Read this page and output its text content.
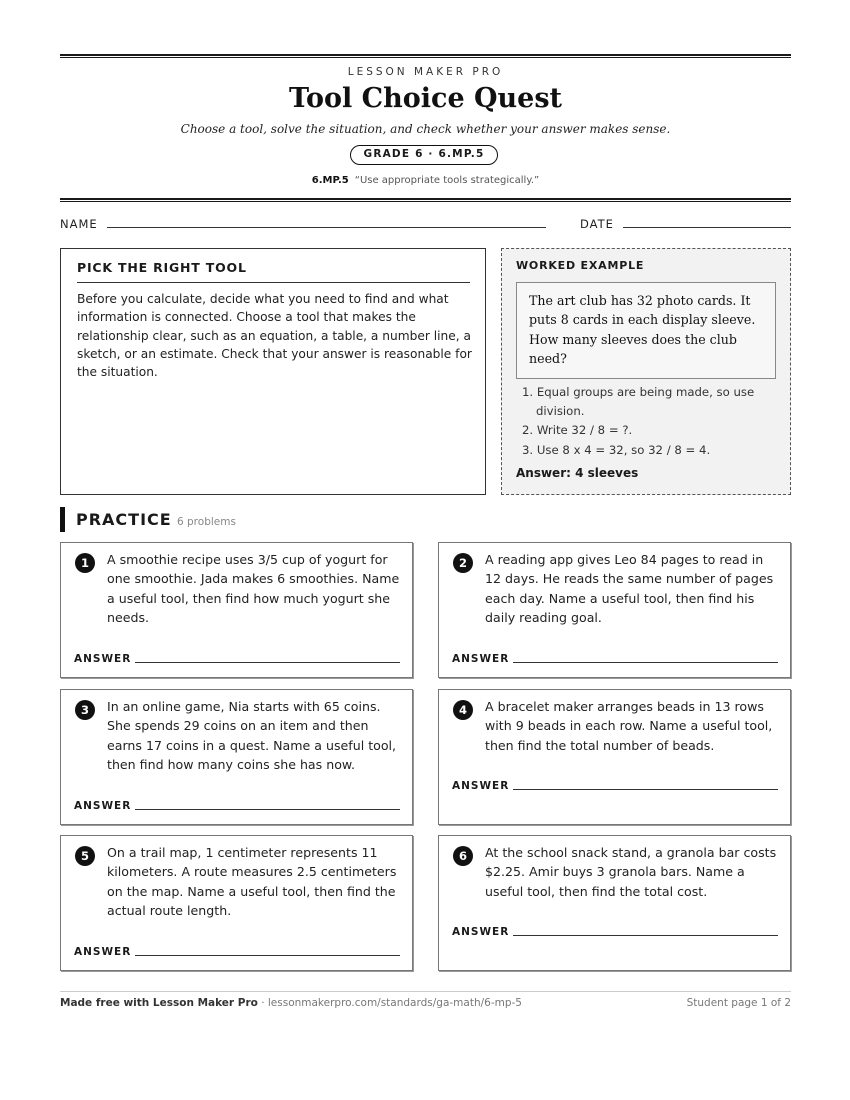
LESSON MAKER PRO
Tool Choice Quest
Choose a tool, solve the situation, and check whether your answer makes sense.
GRADE 6 · 6.MP.5
6.MP.5 “Use appropriate tools strategically.”
NAME	DATE
PICK THE RIGHT TOOL
Before you calculate, decide what you need to find and what information is connected. Choose a tool that makes the relationship clear, such as an equation, a table, a number line, a sketch, or an estimate. Check that your answer is reasonable for the situation.
WORKED EXAMPLE
The art club has 32 photo cards. It puts 8 cards in each display sleeve. How many sleeves does the club need?
1. Equal groups are being made, so use division.
2. Write 32 / 8 = ?.
3. Use 8 x 4 = 32, so 32 / 8 = 4.
Answer: 4 sleeves
PRACTICE 6 problems
1	A smoothie recipe uses 3/5 cup of yogurt for one smoothie. Jada makes 6 smoothies. Name a useful tool, then find how much yogurt she needs.
ANSWER
2	A reading app gives Leo 84 pages to read in 12 days. He reads the same number of pages each day. Name a useful tool, then find his daily reading goal.
ANSWER
3	In an online game, Nia starts with 65 coins. She spends 29 coins on an item and then earns 17 coins in a quest. Name a useful tool, then find how many coins she has now.
ANSWER
4	A bracelet maker arranges beads in 13 rows with 9 beads in each row. Name a useful tool, then find the total number of beads.
ANSWER
5	On a trail map, 1 centimeter represents 11 kilometers. A route measures 2.5 centimeters on the map. Name a useful tool, then find the actual route length.
ANSWER
6	At the school snack stand, a granola bar costs $2.25. Amir buys 3 granola bars. Name a useful tool, then find the total cost.
ANSWER
Made free with Lesson Maker Pro · lessonmakerpro.com/standards/ga-math/6-mp-5	Student page 1 of 2
